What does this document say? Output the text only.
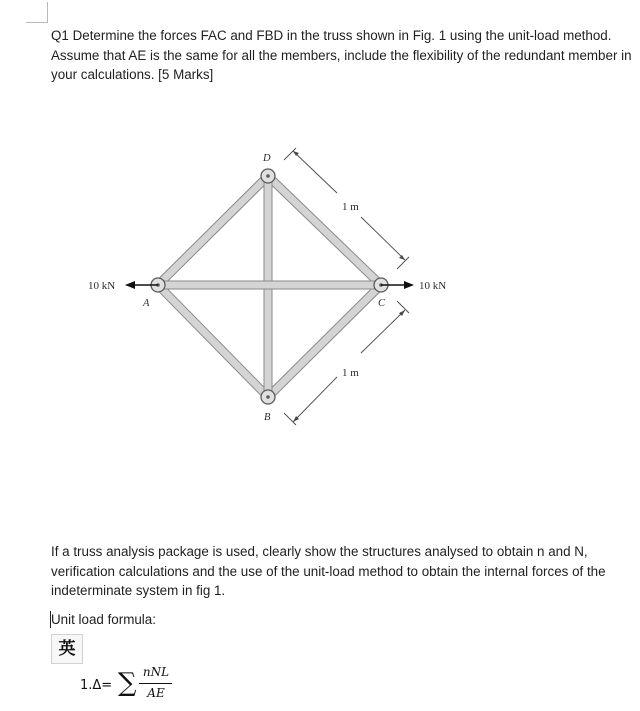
Q1 Determine the forces FAC and FBD in the truss shown in Fig. 1 using the unit-load method. Assume that AE is the same for all the members, include the flexibility of the redundant member in your calculations. [5 Marks]
D
A	C
B
1 m
1 m
10 kN	10 kN
If a truss analysis package is used, clearly show the structures analysed to obtain n and N, verification calculations and the use of the unit-load method to obtain the internal forces of the indeterminate system in fig 1.
Unit load formula:
英
1.Δ= ∑ nNL
AE
